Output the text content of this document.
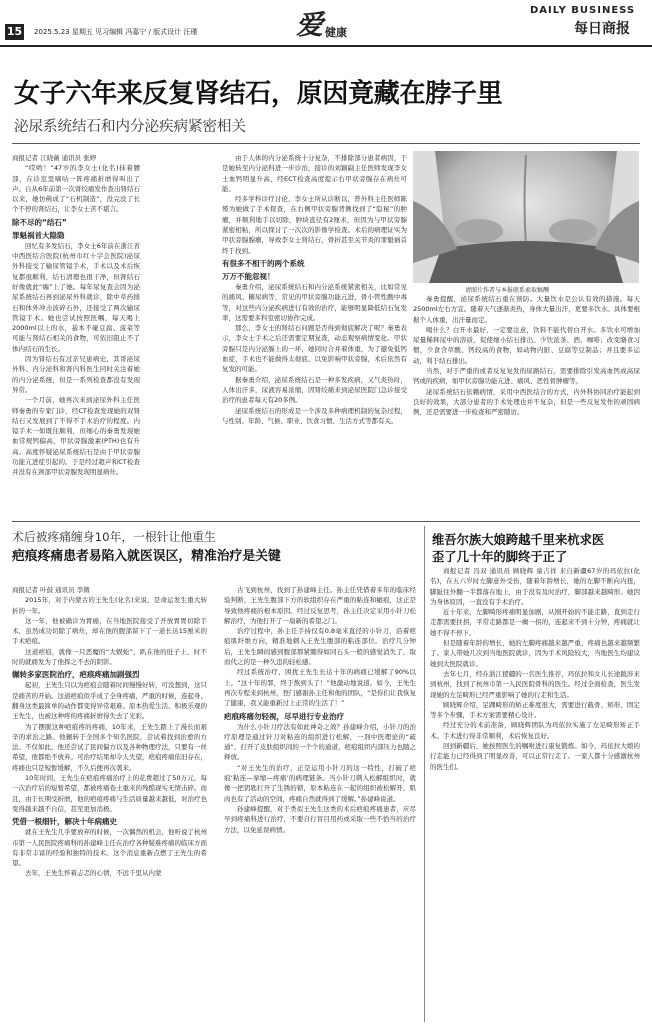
15 2025.5.23 星期五 见习编辑 冯嘉宁 / 版式设计 汪瑾	爱 健康
DAILY BUSINESS
每日商报
女子六年来反复肾结石，原因竟藏在脖子里
泌尿系统结石和内分泌疾病紧密相关

商报记者 江晓薇 通讯员 张婷

“哎哟！”47岁的李女士(化名)抹着腰部，在诊室里嘀咕一阵疼痛折磨得叫出了声。自从6年前第一次肾绞痛发作查出肾结石以来，她仿佛成了“石机制造”，没完没了长个不停的肾结石，让李女士苦不堪言。

除不尽的“结石”

罪魁祸首大隐隐

回忆有多发结石，李女士6年前在浙江省中西医结合医院(杭州市红十字会医院)泌尿外科接受了输尿管镜手术，手术以及术后恢复都很顺利，结石清理也很干净，但肾结石好像就此“缠”上了她。每年尿复查会因为泌尿系统结石再到泌尿外科就诊，除中草药排石和体外冲击波碎石外，还接受了两次输尿管镜手术。她也尝试按照医嘱，每天喝上2000ml以上的水，基本不碰豆腐、菠菜等可能与肾结石相关的食物，可依旧阻止不了体内结石的生长。

因为肾结石有过亲兄患病史，其哥泌尿外科、内分泌科和肾内科医生同时关注着她的内分泌系统，但是一系列检查都没有发现异常。

一个月前，她再次来到泌尿外科主任医师秦勇的专家门诊，经CT检查发现她的双肾结石又发展到了不得不手术治疗的程度。内镜手术一如既往顺利，但细心的秦勇发现她血常规钙偏高，甲状旁腺激素(PTH)也有升高。高度怀疑泌尿系统结石是由于甲状旁腺功能亢进症引起的。于是经过超声和CT检查并没有在颈部甲状旁腺发现明显病灶。

由于人体的内分泌系统十分复杂，不排除部分患者病因，于是她转至内分泌科进一步诊治，接诊的刘颖副主任医师发现李女士血钙明显升高，经ECT检查高度提示右甲状旁腺存在病灶可能。

经多学科诊疗讨论，李女士所从诊断以，普外科主任医师陈赟为她做了手术探查，在右侧甲状旁腺背侧找到了“隐秘”的肿瘤，并顺利地手以切除，肿块直径有2厘米，但因为与甲状旁腺紧密相粘，所以探讨了一次次的影像学检查。术后的病理证实为甲状旁腺腺瘤，导致李女士肾结石、骨折甚至关节炎的罪魁祸首终于找到。

有很多不相干的两个系统

万万不能忽视！

秦勇介绍，泌尿系统结石和内分泌系统紧密相关，比如常见的痛风、糖尿病等，常见的甲状旁腺功能亢进，骨小管性酸中毒等，对这些内分泌疾病进行有效的治疗，能够明显降低结石复发率，这需要多科室密切协作完成。

那么，李女士的肾结石问题是否得到彻底解决了呢？秦勇表示，李女士手术之后还需要定期复查，动态观察病情变化。甲状旁腺只是内分泌腺上的一环，她同时合并着体重，为了避免低钙血症，手术也不能做得太彻底，以免影响甲状旁腺，术后依然有复发的可能。

据秦勇介绍，泌尿系统结石是一种多发疾病，又气炎热时，人体出汗多，尿液容易浓缩，因肾绞痛来到泌尿医院门急诊接受治疗的患者每天有20多例。

泌尿系统结石的形成是一个涉及多种病理机制的复杂过程，与性别、年龄、气候、职业、饮食习惯、生活方式等都有关。

请图片作者与本报联系索取稿酬

秦勇提醒，泌尿系统结石重在预防。大量饮水是公认有效的措施。每天2500ml左右方宜。随着天气逐渐炎热，身体大量出汗，更要多饮水。具体要根据个人体重，出汗量而定。

喝什么？白开水最好，一定要注意，饮料不能代替白开水。多饮水可增加尿量稀释尿中的溶质，促使细小结石排出。少饮浓茶、酒、咖啡；改变膳食习惯，少食含草酸、钙较高的食物，如动物内脏、豆腐等豆制品；并且要多运动，利于结石排出。

当然，对于严重的或者反复复发的尿路结石，需要排除引发高血钙或高尿钙或的疾病，如甲状旁腺功能亢进、痛风、恶性骨肿瘤等。

泌尿系统结石依赖病情，采用中西医结合的方式，内外科协同治疗能起到良好的效果，大部分患者的手术处理也并不复杂，但是一些反复发作的顽固病例，还是需要进一步检查和严密随访。

术后被疼痛缠身10年，一根针让他重生
疤痕疼痛患者易陷入就医误区，精准治疗是关键

商报记者 叶鼓 通讯员 李微

2015年，对于内蒙古的王先生(化名)来说，是命运发生重大转折的一年。

这一年，他被确诊为胃癌，在当地医院接受了开放胃胃切除手术，虽然成功切除了病灶，却在他的腹部留下了一道长达15厘米的手术疤痕。

这道疤痕，就像一只恶魔的“大蜈蚣”，趴在他的肚子上，时不时的就痛发为了他挥之不去的阴影。

辗转多家医院治疗，疤痕疼痛加剧强烈

起初，王先生只以为疤痕会随着时间慢慢好转，可没想到，这只是痛苦的开始。这道疤痕似乎成了全身疼痛，严重的时候，连起身、翻身这类最简单的动作都变得异常艰难。原本热爱生活、积极乐观的王先生，也被这种疼的疼痛折磨得失去了光彩。

为了摆脱这种疤痕疼的疼痛，10年来，王先生踏上了漫长而艰辛的求治之路。他辗转于全国多个知名医院，尝试着找到治愈的方法。不仅如此，他还尝试了民间偏方以及各种物理疗法，只要有一丝希望，他都绝不放弃。可治疗结果却令人失望，疤痕疼痛依旧存在，疼痛也只是短暂缓解，不久后便再次袭来。

10年时间，王先生在疤痕疼痛治疗上的花费超过了50万元，每一次治疗后的短暂希望，都被疼痛卷土重来的残酷现实无情击碎。而且，由于长期受折磨，他的疤痕疼痛与生活质量越来越低，对治疗也变得越来越不自信，甚至更加消极。

凭借一根细针，解决十年病痛史

就在王先生几乎要放弃的时候，一次偶然的机会，他听说了杭州市第一人民医院疼痛科的孙建峰主任在治疗各种疑难疼痛的临床方面有非常丰富的经验和独特的技术。这个消息重新点燃了王先生的希望。

去年，王先生怀着忐忑的心情，不远千里从内蒙

古飞到杭州，找到了孙建峰主任。孙主任凭借着多年的临床经验判断，王先生腹部下方的软组织存在严重的粘连和瘢痕，这正是导致他疼痛的根本原因。经过反复思考，孙主任决定采用小针刀松解治疗，为他打开了一扇新的希望之门。

治疗过程中，孙主任手持仅有0.8毫米直径的小针刀，沿着疤痕肌纤维方向，精准地刺入王先生腹部的粘连部位。治疗几分钟后，王先生瞬间感到腹部那紧绷得如同石头一般的感觉消失了，取而代之的是一种久违的轻松感。

经过系统治疗，困扰王先生长达十年的病痛已缓解了90%以上。“这十年的罪，终于熬到头了！”他激动地说道。如今，王先生再次专程来到杭州，登门感谢孙主任和他的团队，“是你们让我恢复了健康，我又能重新过上正常的生活了！”

疤痕疼痛勿轻视，尽早进行专业治疗

为什么小针刀疗法有如此神奇之效？孙建峰介绍，小针刀的治疗原理是通过针刀对粘连的组织进行松解，一剂中医理论的“疏通”，打开了皮肤组织间的一个个的通道，疤痕组织内部压力也随之释放。

“对王先生的治疗，正是运用小针刀的这一特性，打破了疤痕‘粘连—挛缩—疼痛’的病理链条。当小针刀刺入松解组织时，就像一把钥匙打开了生锈的锁，原本粘连在一起的组织被松解开，肌肉也有了活动的空间，疼痛自然就得到了缓解。”孙建峰说道。

孙建峰提醒，对于类似王先生这类的术后疤痕疼痛患者，应尽早到疼痛科进行治疗，不要自行盲目用药或采取一些不恰当的治疗方法，以免延误病情。

维吾尔族大娘跨越千里来杭求医
歪了几十年的脚终于正了

商报记者 冯双 通讯员 顾晓辉 童吉祥 来自新疆67岁的玛依拉(化名)，在五六岁时左脚意外受伤，随着年龄增长，她的左脚不断向内扭，脚趾往外翻一半都落在地上，由于没有及时治疗，脚部越来越畸形。她因为身体原因，一直没有手术治疗。

近十年来，左脚畸形疼痛明显加剧，从刚开始的不能走路，直到走行走都需要拄拐，平常走路都是一瘸一拐的，连起来不到十分钟，疼痛就让她不得不停下。

但是随着年龄的增长，她的左脚疼痛越来越严重，疼痛也越来越频繁了。家人带她几次到当地医院就诊，因为手术风险较大，当地医生均建议她到大医院就诊。

去年七月，经在浙江援疆的一名医生推荐，玛依拉和女儿长途跋涉来到杭州，找到了杭州市第一人民医院骨科的医生。经过全面检查，医生发现她的左足畸形已经严重影响了她的行走和生活。

顾晓辉介绍，足踝畸形的矫正难度很大，需要进行截骨、矫形、固定等多个步骤，手术方案需要精心设计。

经过充分的术前准备，顾晓辉团队为玛依拉实施了左足畸形矫正手术。手术进行得非常顺利，术后恢复良好。

回到新疆后，她按照医生的嘱咐进行康复锻炼。如今，玛依拉大娘的行走能力已经得到了明显改善，可以正常行走了。一家人都十分感激杭州的医生们。
